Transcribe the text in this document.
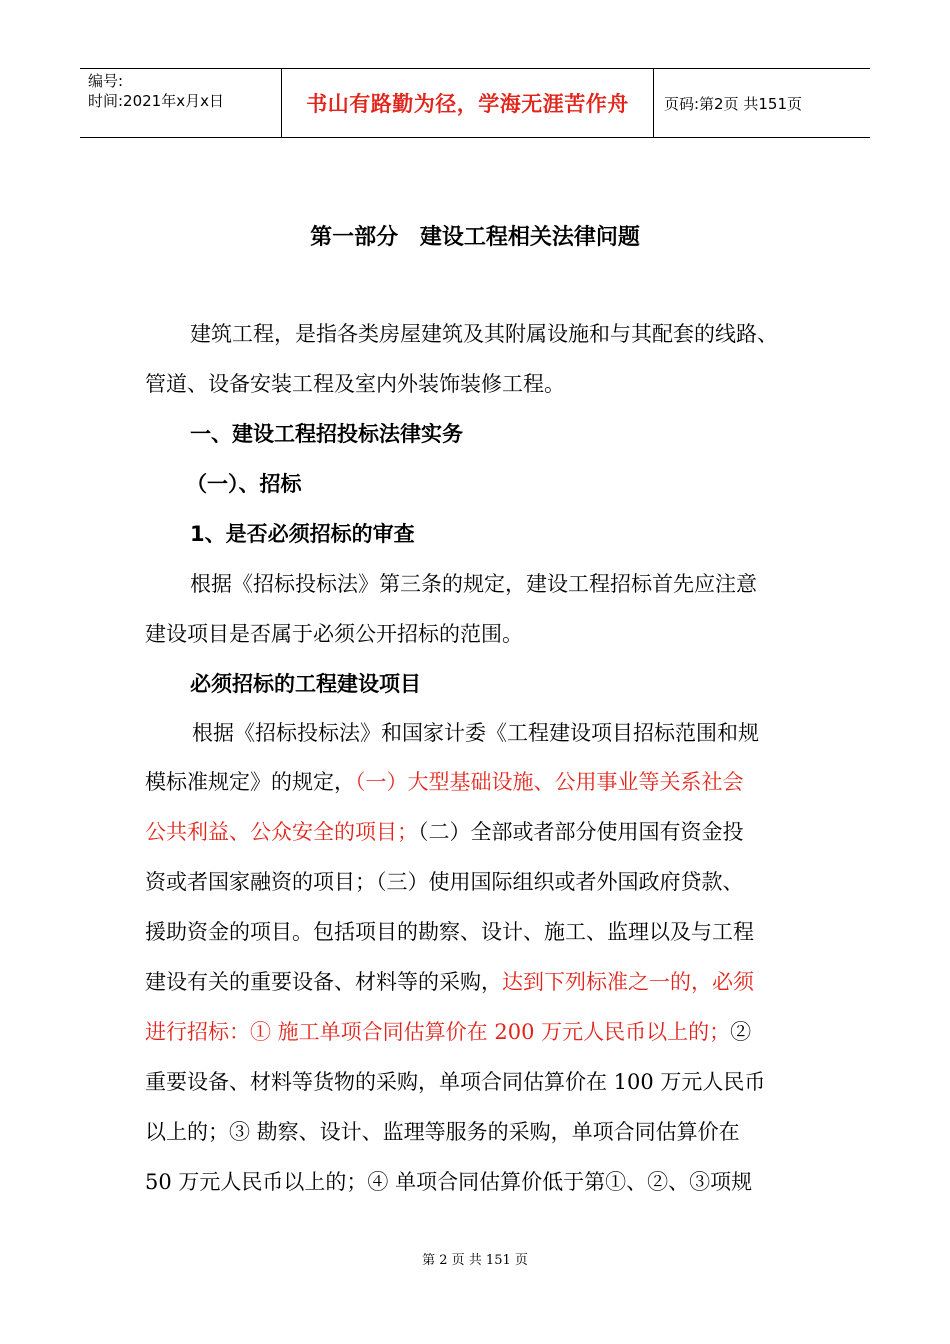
编号:
时间:2021年x月x日	书山有路勤为径，学海无涯苦作舟 页码:第2页 共151页
第一部分 建设工程相关法律问题
建筑工程，是指各类房屋建筑及其附属设施和与其配套的线路、
管道、设备安装工程及室内外装饰装修工程。
一、建设工程招投标法律实务
（一）、招标
1、是否必须招标的审查
根据《招标投标法》第三条的规定，建设工程招标首先应注意
建设项目是否属于必须公开招标的范围。
必须招标的工程建设项目
根据《招标投标法》和国家计委《工程建设项目招标范围和规
模标准规定》的规定，（一）大型基础设施、公用事业等关系社会
公共利益、公众安全的项目；（二）全部或者部分使用国有资金投
资或者国家融资的项目；（三）使用国际组织或者外国政府贷款、
援助资金的项目。包括项目的勘察、设计、施工、监理以及与工程
建设有关的重要设备、材料等的采购，达到下列标准之一的，必须
进行招标：① 施工单项合同估算价在 200 万元人民币以上的；②
重要设备、材料等货物的采购，单项合同估算价在 100 万元人民币
以上的；③ 勘察、设计、监理等服务的采购，单项合同估算价在
50 万元人民币以上的；④ 单项合同估算价低于第①、②、③项规
第 2 页 共 151 页
